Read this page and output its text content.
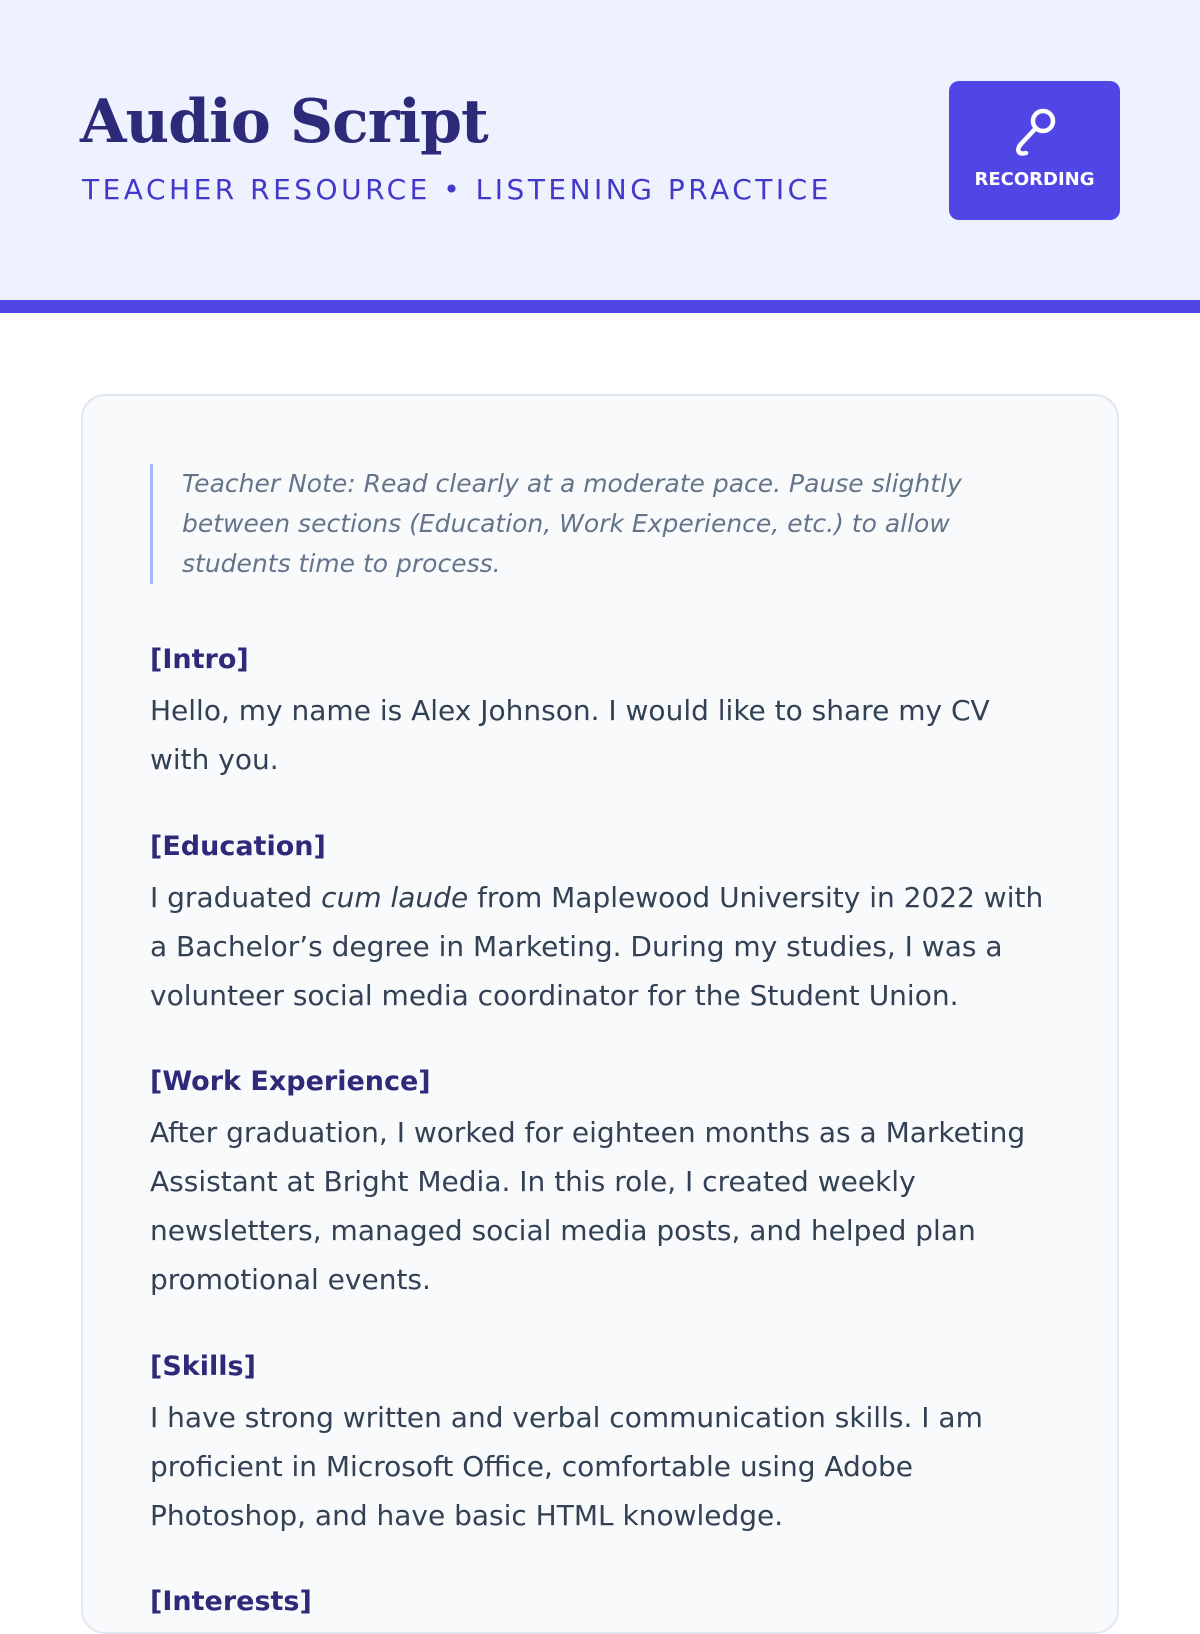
Audio Script
TEACHER RESOURCE • LISTENING PRACTICE	RECORDING
Teacher Note: Read clearly at a moderate pace. Pause slightly between sections (Education, Work Experience, etc.) to allow students time to process.
[Intro]
Hello, my name is Alex Johnson. I would like to share my CV with you.
[Education]
I graduated cum laude from Maplewood University in 2022 with a Bachelor’s degree in Marketing. During my studies, I was a volunteer social media coordinator for the Student Union.
[Work Experience]
After graduation, I worked for eighteen months as a Marketing Assistant at Bright Media. In this role, I created weekly newsletters, managed social media posts, and helped plan promotional events.
[Skills]
I have strong written and verbal communication skills. I am proficient in Microsoft Office, comfortable using Adobe Photoshop, and have basic HTML knowledge.
[Interests]
